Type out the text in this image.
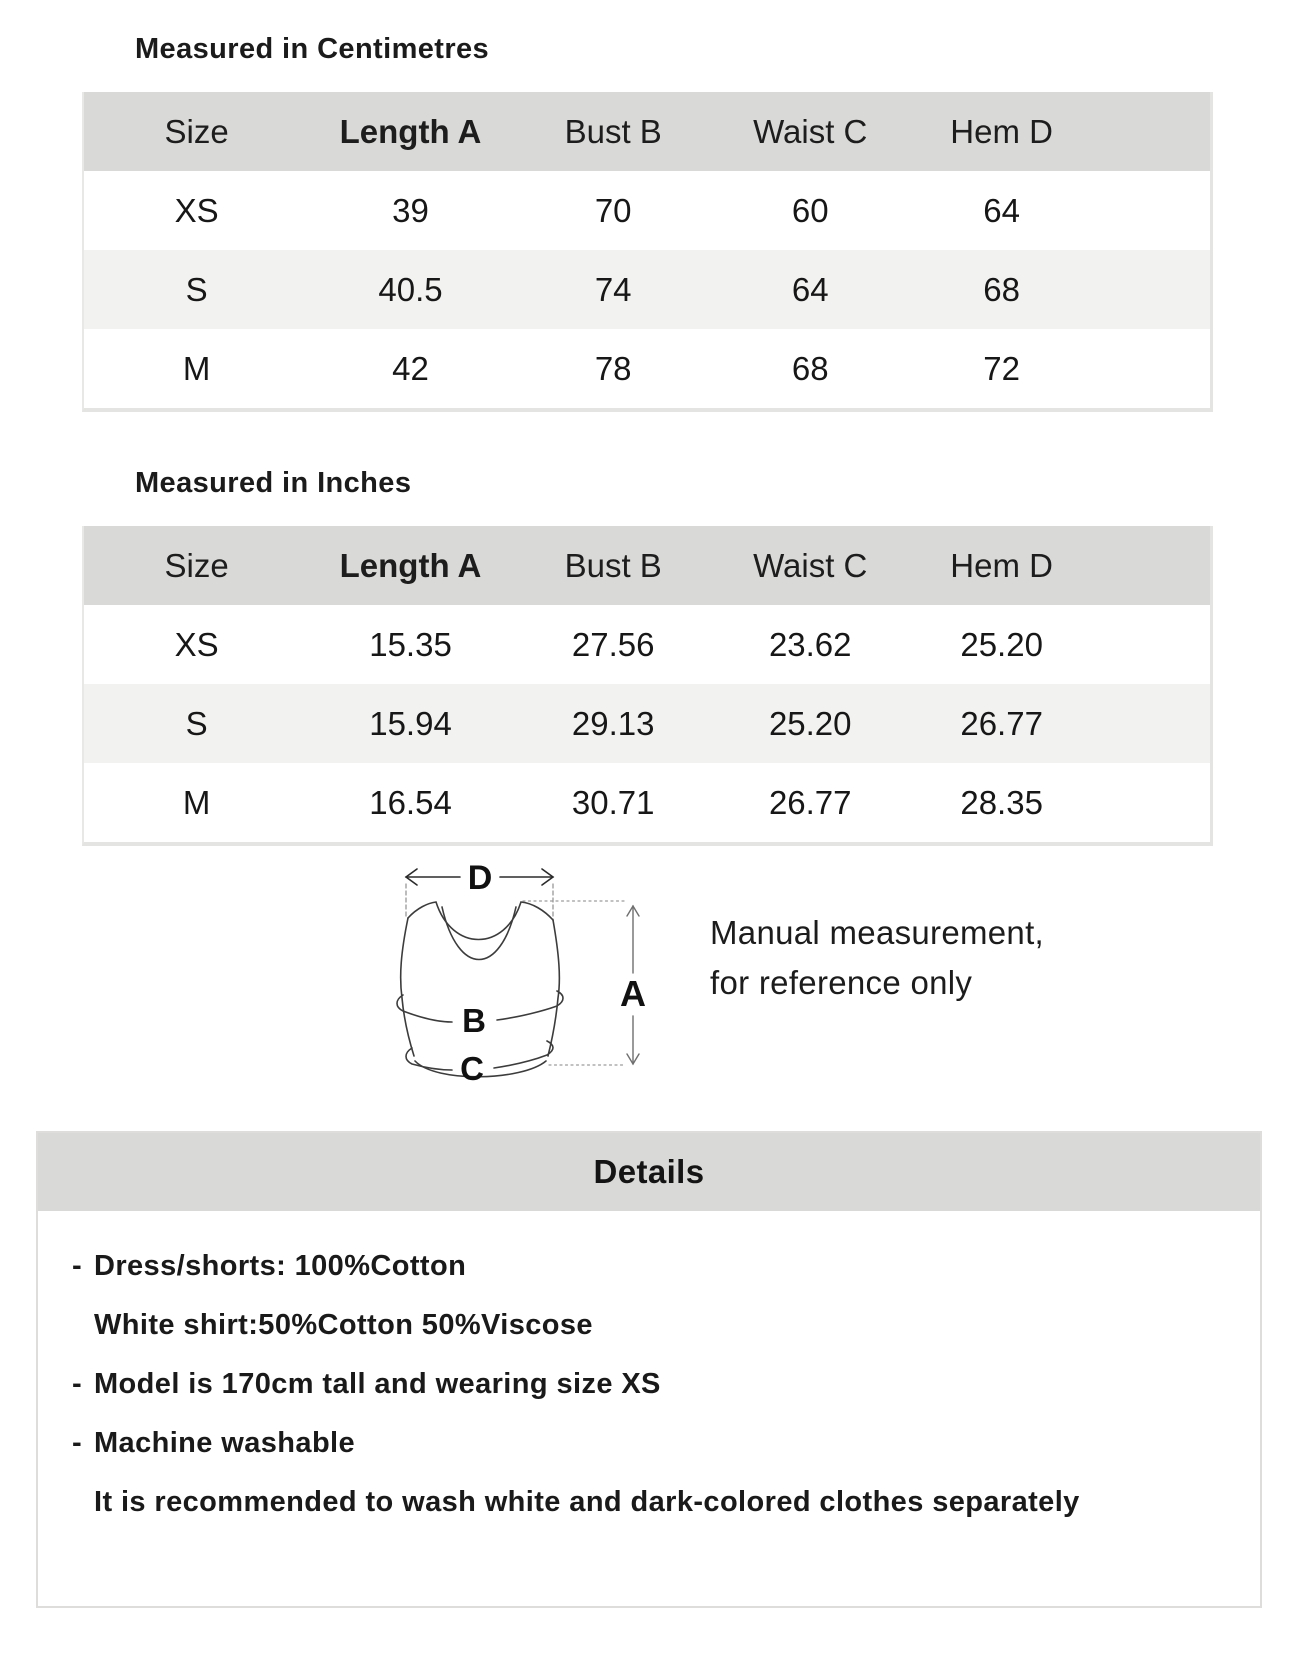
Measured in Centimetres
Size	Length A	Bust B	Waist C	Hem D
XS	39	70	60	64
S	40.5	74	64	68
M	42	78	68	72
Measured in Inches
Size	Length A	Bust B	Waist C	Hem D
XS	15.35	27.56	23.62	25.20
S	15.94	29.13	25.20	26.77
M	16.54	30.71	26.77	28.35
D
A
B
C
Manual measurement,
for reference only
Details
- Dress/shorts: 100%Cotton
White shirt:50%Cotton 50%Viscose
- Model is 170cm tall and wearing size XS
- Machine washable
It is recommended to wash white and dark-colored clothes separately
